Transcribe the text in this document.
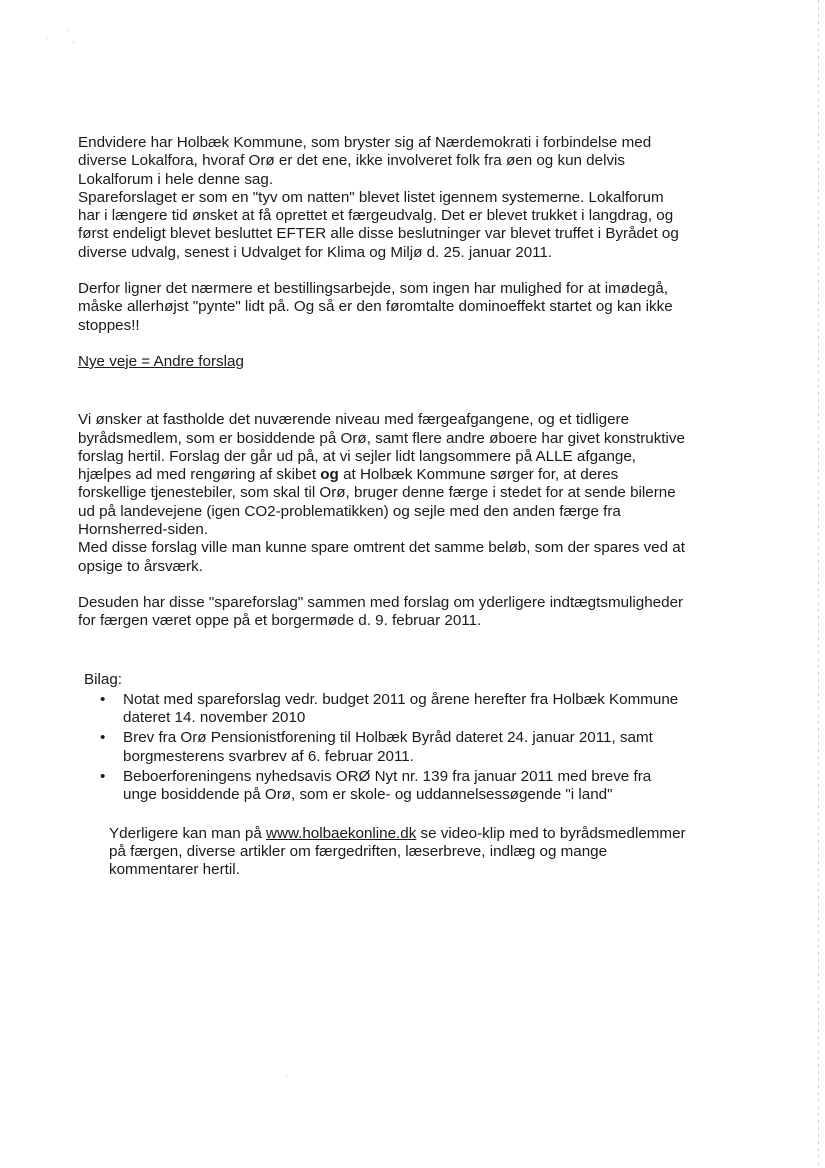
·
·
·
·
Endvidere har Holbæk Kommune, som bryster sig af Nærdemokrati i forbindelse med
diverse Lokalfora, hvoraf Orø er det ene, ikke involveret folk fra øen og kun delvis
Lokalforum i hele denne sag.
Spareforslaget er som en "tyv om natten" blevet listet igennem systemerne. Lokalforum
har i længere tid ønsket at få oprettet et færgeudvalg. Det er blevet trukket i langdrag, og
først endeligt blevet besluttet EFTER alle disse beslutninger var blevet truffet i Byrådet og
diverse udvalg, senest i Udvalget for Klima og Miljø d. 25. januar 2011.
Derfor ligner det nærmere et bestillingsarbejde, som ingen har mulighed for at imødegå,
måske allerhøjst "pynte" lidt på. Og så er den føromtalte dominoeffekt startet og kan ikke
stoppes!!
Nye veje = Andre forslag
Vi ønsker at fastholde det nuværende niveau med færgeafgangene, og et tidligere
byrådsmedlem, som er bosiddende på Orø, samt flere andre øboere har givet konstruktive
forslag hertil. Forslag der går ud på, at vi sejler lidt langsommere på ALLE afgange,
hjælpes ad med rengøring af skibet og at Holbæk Kommune sørger for, at deres
forskellige tjenestebiler, som skal til Orø, bruger denne færge i stedet for at sende bilerne
ud på landevejene (igen CO2-problematikken) og sejle med den anden færge fra
Hornsherred-siden.
Med disse forslag ville man kunne spare omtrent det samme beløb, som der spares ved at
opsige to årsværk.
Desuden har disse "spareforslag" sammen med forslag om yderligere indtægtsmuligheder
for færgen været oppe på et borgermøde d. 9. februar 2011.
Bilag:
• Notat med spareforslag vedr. budget 2011 og årene herefter fra Holbæk Kommune
dateret 14. november 2010
• Brev fra Orø Pensionistforening til Holbæk Byråd dateret 24. januar 2011, samt
borgmesterens svarbrev af 6. februar 2011.
• Beboerforeningens nyhedsavis ORØ Nyt nr. 139 fra januar 2011 med breve fra
unge bosiddende på Orø, som er skole- og uddannelsessøgende "i land"
Yderligere kan man på www.holbaekonline.dk se video-klip med to byrådsmedlemmer
på færgen, diverse artikler om færgedriften, læserbreve, indlæg og mange
kommentarer hertil.
